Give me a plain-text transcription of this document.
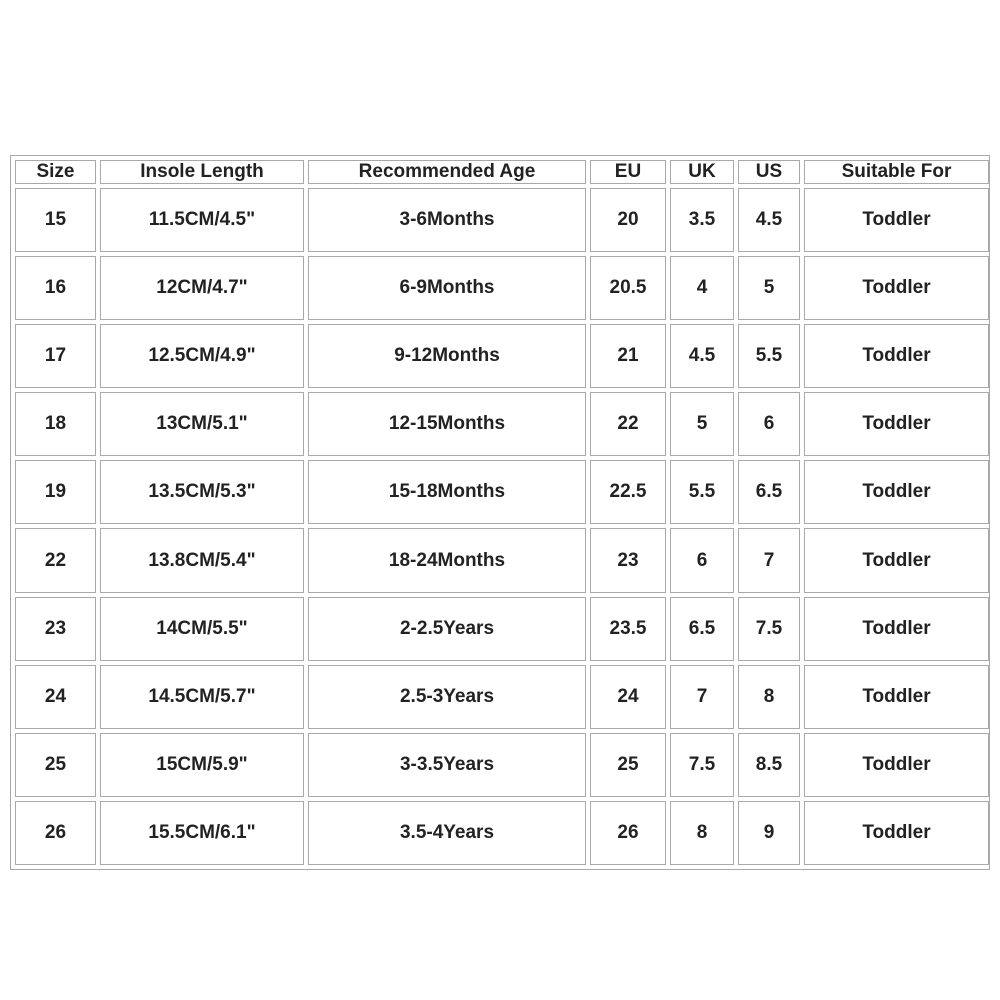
Size	Insole Length	Recommended Age	EU	UK	US	Suitable For
15	11.5CM/4.5"	3-6Months	20	3.5	4.5	Toddler
16	12CM/4.7"	6-9Months	20.5	4	5	Toddler
17	12.5CM/4.9"	9-12Months	21	4.5	5.5	Toddler
18	13CM/5.1"	12-15Months	22	5	6	Toddler
19	13.5CM/5.3"	15-18Months	22.5	5.5	6.5	Toddler
22	13.8CM/5.4"	18-24Months	23	6	7	Toddler
23	14CM/5.5"	2-2.5Years	23.5	6.5	7.5	Toddler
24	14.5CM/5.7"	2.5-3Years	24	7	8	Toddler
25	15CM/5.9"	3-3.5Years	25	7.5	8.5	Toddler
26	15.5CM/6.1"	3.5-4Years	26	8	9	Toddler
